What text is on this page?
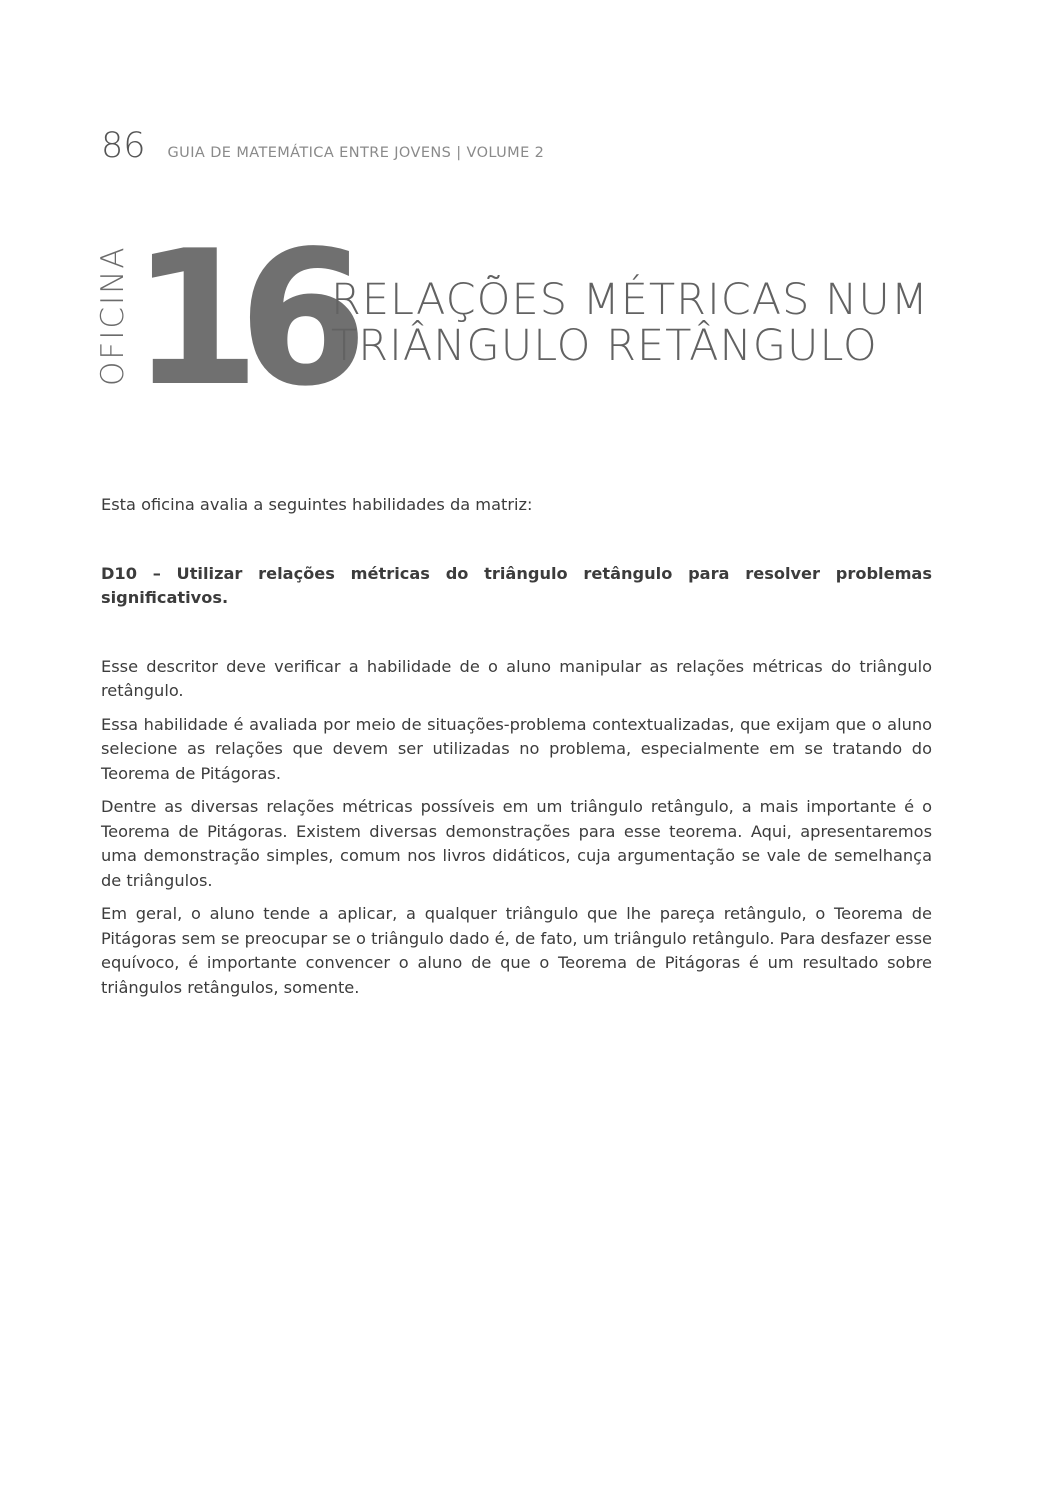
86 GUIA DE MATEMÁTICA ENTRE JOVENS | VOLUME 2
OFICINA 16
RELAÇÕES MÉTRICAS NUM
TRIÂNGULO RETÂNGULO

Esta oficina avalia a seguintes habilidades da matriz:

D10 – Utilizar relações métricas do triângulo retângulo para resolver problemas significativos.

Esse descritor deve verificar a habilidade de o aluno manipular as relações métricas do triângulo retângulo.

Essa habilidade é avaliada por meio de situações-problema contextualizadas, que exijam que o aluno selecione as relações que devem ser utilizadas no problema, especialmente em se tratando do Teorema de Pitágoras.

Dentre as diversas relações métricas possíveis em um triângulo retângulo, a mais importante é o Teorema de Pitágoras. Existem diversas demonstrações para esse teorema. Aqui, apresentaremos uma demonstração simples, comum nos livros didáticos, cuja argumentação se vale de semelhança de triângulos.

Em geral, o aluno tende a aplicar, a qualquer triângulo que lhe pareça retângulo, o Teorema de Pitágoras sem se preocupar se o triângulo dado é, de fato, um triângulo retângulo. Para desfazer esse equívoco, é importante convencer o aluno de que o Teorema de Pitágoras é um resultado sobre triângulos retângulos, somente.
